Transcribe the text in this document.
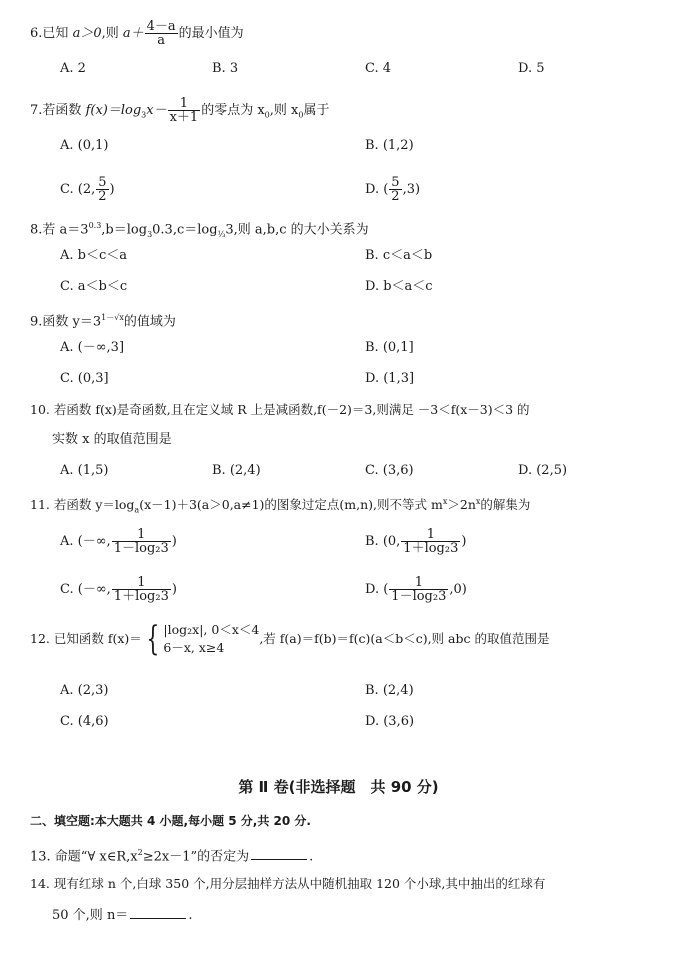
6.已知 a＞0,则 $a+ \frac{4-a}{a}$ 的最小值为
A. 2	B. 3	C. 4	D. 5
7.若函数 $f(x)=\log_3x- \frac{1}{x+1}$ 的零点为 $x_0$,则 $x_0$属于
A. (0,1)	B. (1,2)
C. (2, $\frac{5}{2}$ )	D. ( $\frac{5}{2} ,3$)
8.若 $a=3^{0.3},b=\log_30.3,c=\log_{\frac{1}{3}}3$,则 a,b,c 的大小关系为
A. b＜c＜a	B. c＜a＜b
C. a＜b＜c	D. b＜a＜c
9.函数 $y=3^{1-√x}$的值域为
A. (－∞,3]	B. (0,1]
C. (0,3]	D. (1,3]
10. 若函数 f(x)是奇函数,且在定义域 R 上是减函数,f(－2)＝3,则满足 －3＜f(x－3)＜3 的
实数 x 的取值范围是
A. (1,5)	B. (2,4)	C. (3,6)	D. (2,5)
11. 若函数 $y=\log_a(x-1)+3(a>0,a\ne 1)$的图象过定点(m,n),则不等式 $m^x>2n^x$的解集为
A. (－∞, $\frac{1}{\text{1－log₂3}}$ )	B. (0, $\frac{1}{\text{1＋log₂3}}$ )
C. (－∞, $\frac{1}{\text{1＋log₂3}}$ )	D. ( $\frac{1}{\text{1－log₂3}} ,0$)
12. 已知函数 f(x)＝ { |log₂x|, 0＜x＜4
6－x, x≥4
,若 f(a)＝f(b)＝f(c)(a＜b＜c),则 abc 的取值范围是
A. (2,3)	B. (2,4)
C. (4,6)	D. (3,6)
第 Ⅱ 卷(非选择题　共 90 分)
二、填空题:本大题共 4 小题,每小题 5 分,共 20 分.
13. 命题“∀ $x\in R,x^2\ge 2x-1$”的否定为	.
14. 现有红球 n 个,白球 350 个,用分层抽样方法从中随机抽取 120 个小球,其中抽出的红球有
50 个,则 n＝	.
